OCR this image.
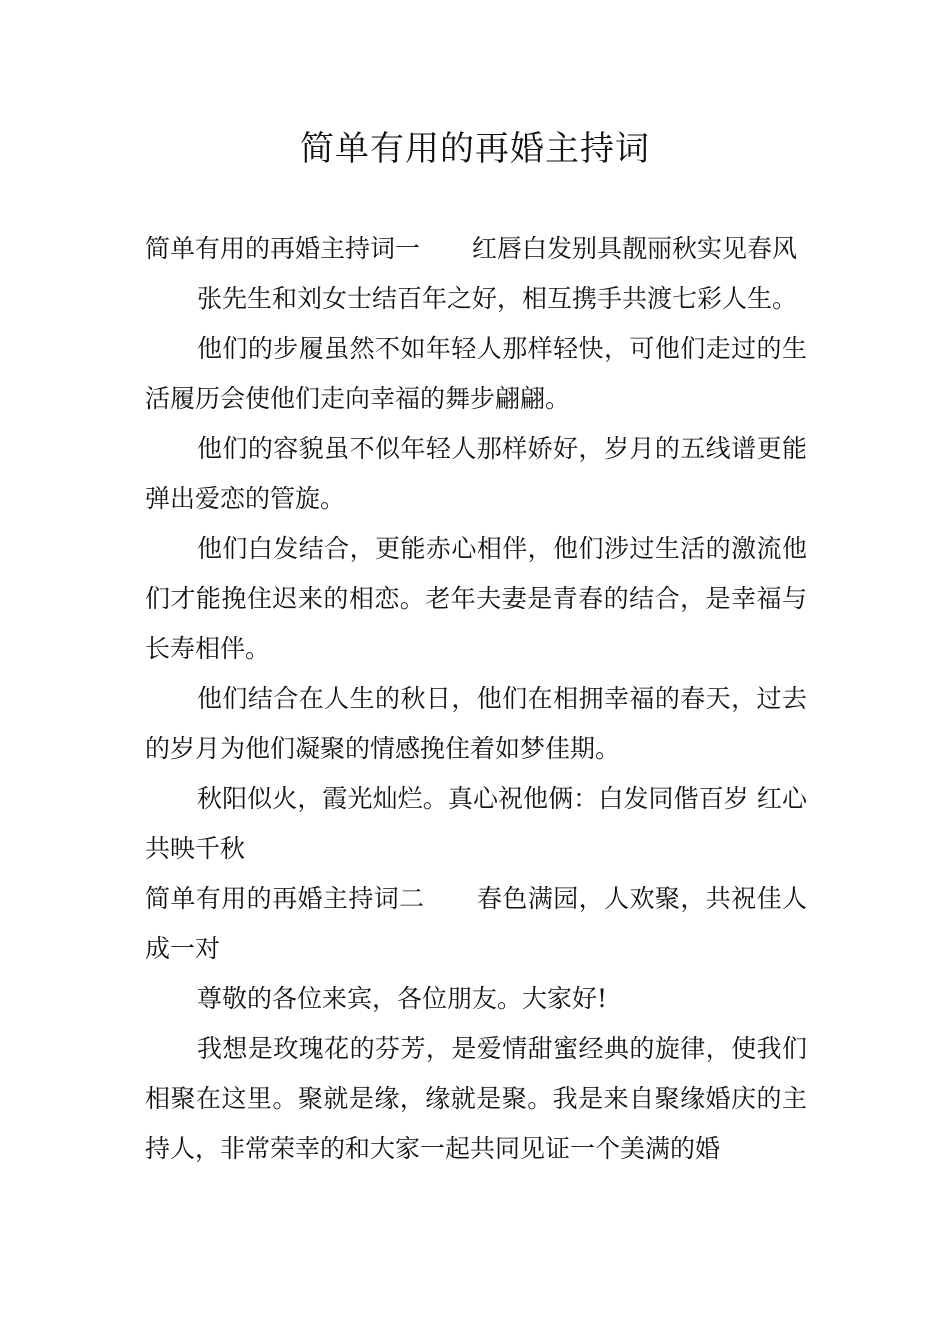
简单有用的再婚主持词

简单有用的再婚主持词一 红唇白发别具靓丽秋实见春风

张先生和刘女士结百年之好，相互携手共渡七彩人生。

他们的步履虽然不如年轻人那样轻快，可他们走过的生活履历会使他们走向幸福的舞步翩翩。

他们的容貌虽不似年轻人那样娇好，岁月的五线谱更能弹出爱恋的管旋。

他们白发结合，更能赤心相伴，他们涉过生活的激流他们才能挽住迟来的相恋。老年夫妻是青春的结合，是幸福与长寿相伴。

他们结合在人生的秋日，他们在相拥幸福的春天，过去的岁月为他们凝聚的情感挽住着如梦佳期。

秋阳似火，霞光灿烂。真心祝他俩：白发同偕百岁 红心共映千秋

简单有用的再婚主持词二 春色满园，人欢聚，共祝佳人成一对

尊敬的各位来宾，各位朋友。大家好!

我想是玫瑰花的芬芳，是爱情甜蜜经典的旋律，使我们相聚在这里。聚就是缘，缘就是聚。我是来自聚缘婚庆的主持人，非常荣幸的和大家一起共同见证一个美满的婚
